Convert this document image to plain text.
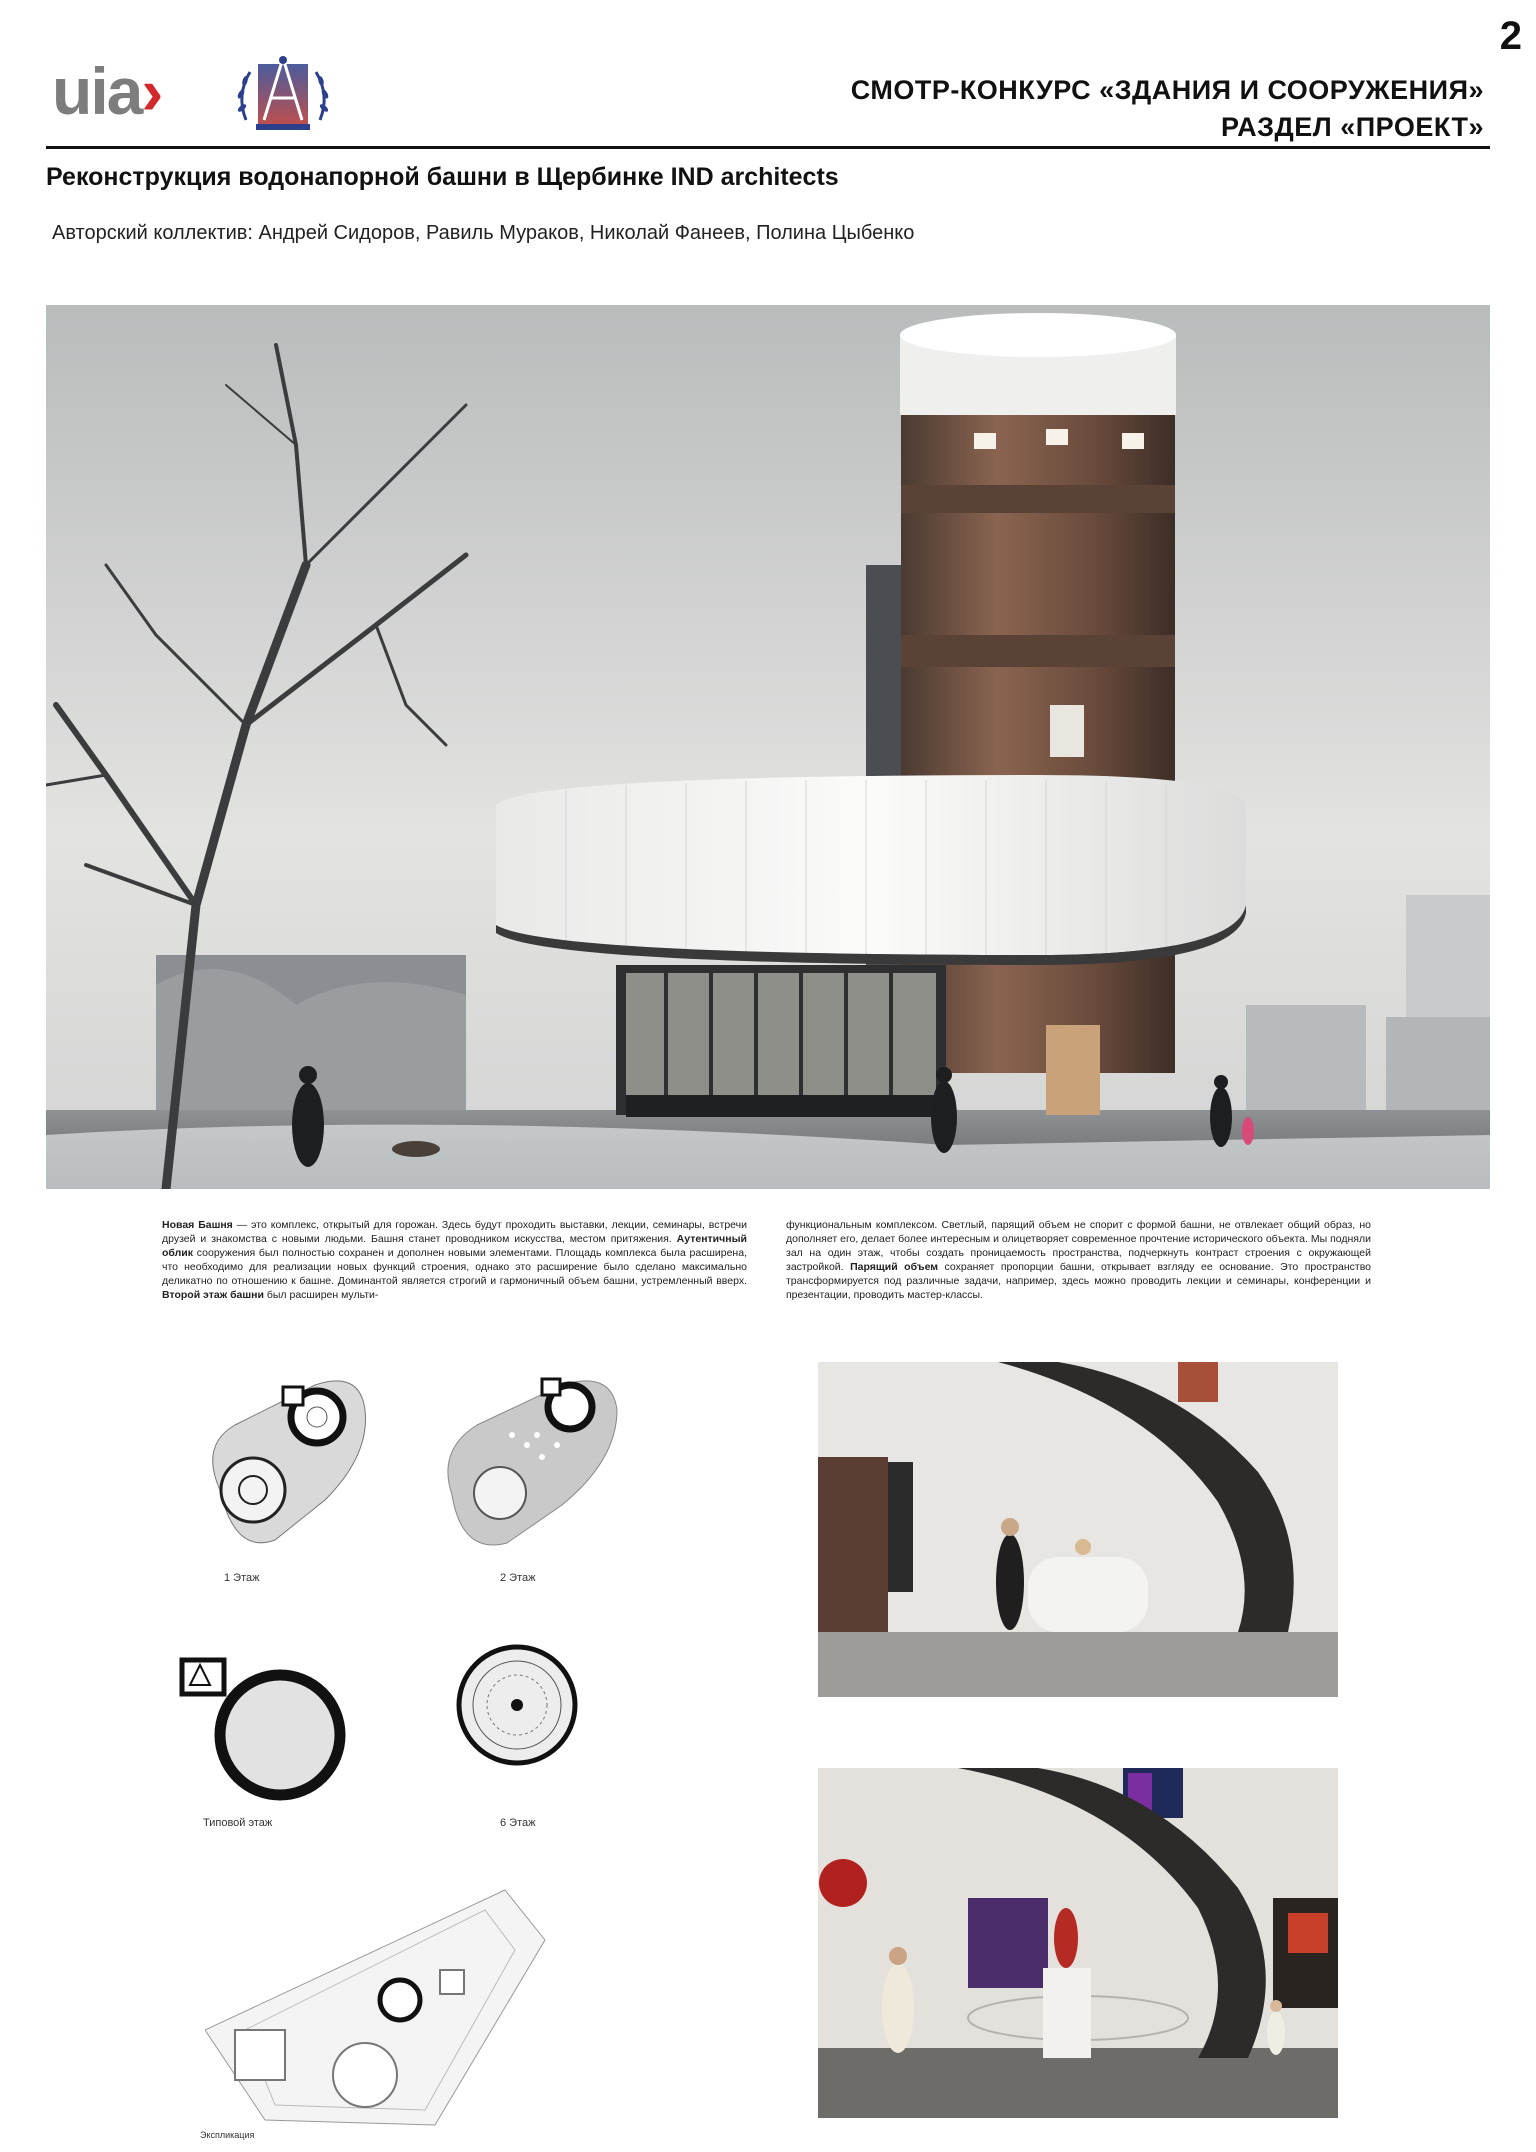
2
uia›	СМОТР-КОНКУРС «ЗДАНИЯ И СООРУЖЕНИЯ»
РАЗДЕЛ «ПРОЕКТ»
Реконструкция водонапорной башни в Щербинке IND architects
Авторский коллектив: Андрей Сидоров, Равиль Мураков, Николай Фанеев, Полина Цыбенко
Новая Башня — это комплекс, открытый для горожан. Здесь будут проходить выставки, лекции, семинары, встречи друзей и знакомства с новыми людьми. Башня станет проводником искусства, местом притяжения. Аутентичный облик сооружения был полностью сохранен и дополнен новыми элементами. Площадь комплекса была расширена, что необходимо для реализации новых функций строения, однако это расширение было сделано максимально деликатно по отношению к башне. Доминантой является строгий и гармоничный объем башни, устремленный вверх. Второй этаж башни был расширен мульти-
функциональным комплексом. Светлый, парящий объем не спорит с формой башни, не отвлекает общий образ, но дополняет его, делает более интересным и олицетворяет современное прочтение исторического объекта. Мы подняли зал на один этаж, чтобы создать проницаемость пространства, подчеркнуть контраст строения с окружающей застройкой. Парящий объем сохраняет пропорции башни, открывает взгляду ее основание. Это пространство трансформируется под различные задачи, например, здесь можно проводить лекции и семинары, конференции и презентации, проводить мастер-классы.
1 Этаж	2 Этаж
Типовой этаж	6 Этаж
Экспликация
